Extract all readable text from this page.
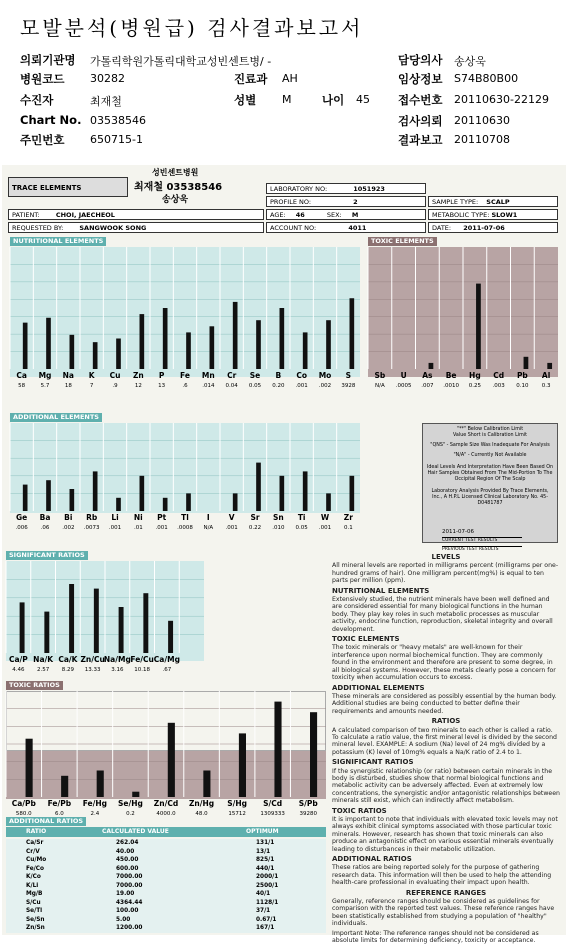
모발분석(병원급) 검사결과보고서
의뢰기관명 가톨릭학원가톨릭대학교성빈센트병/ -	담당의사 송상욱
병원코드 30282	진료과 AH	임상정보 S74B80B00
수진자	최재철	성별 M	나이 45 접수번호 20110630-22129
Chart No. 03538546	검사의뢰 20110630
주민번호 650715-1	결과보고 20110708
TRACE ELEMENTS
성빈센트병원
최재철 03538546
송상욱
LABORATORY NO:	1051923
PROFILE NO:	2	SAMPLE TYPE: SCALP
PATIENT: CHOI, JAECHEOL	AGE: 46	SEX: M	METABOLIC TYPE: SLOW1
REQUESTED BY: SANGWOOK SONG	ACCOUNT NO:	4011	DATE: 2011-07-06
NUTRITIONAL ELEMENTS	TOXIC ELEMENTS
Ca
58
Mg
5.7
Na
18
K
7
Cu
.9
Zn
12
P
13
Fe
.6
Mn
.014
Cr
0.04
Se
0.05
B
0.20
Co
.001
Mo
.002
S
3928
Sb
N/A
U
.0005
As
.007
Be
.0010
Hg
0.25
Cd
.003
Pb
0.10
Al
0.3
ADDITIONAL ELEMENTS
Ge
.006
Ba
.06
Bi
.002
Rb
.0073
Li
.001
Ni
.01
Pt
.001
Tl
.0008
I
N/A
V
.001
Sr
0.22
Sn
.010
Ti
0.05
W
.001
Zr
0.1
"**" Below Calibration Limit
Value Short is Calibration Limit
"QNS" - Sample Size Was Inadequate For Analysis
"N/A" - Currently Not Available
Ideal Levels And Interpretation Have Been Based On Hair Samples Obtained From The Mid-Portion To The Occipital Region Of The Scalp
Laboratory Analysis Provided By Trace Elements, Inc., A H.P.L Licensed Clinical Laboratory No. 45-D0481787
2011-07-06
CURRENT TEST RESULTS
PREVIOUS TEST RESULTS
SIGNIFICANT RATIOS
Ca/P
4.46
Na/K
2.57
Ca/K
8.29
Zn/Cu
13.33
Na/Mg
3.16
Fe/Cu
10.18
Ca/Mg
.67
TOXIC RATIOS
Ca/Pb
580.0
Fe/Pb
6.0
Fe/Hg
2.4
Se/Hg
0.2
Zn/Cd
4000.0
Zn/Hg
48.0
S/Hg
15712
S/Cd
1309333
S/Pb
39280
ADDITIONAL RATIOS
RATIO	CALCULATED VALUE	OPTIMUM
Ca/Sr	262.04	131/1
Cr/V	40.00	13/1
Cu/Mo	450.00	825/1
Fe/Co	600.00	440/1
K/Co	7000.00	2000/1
K/Li	7000.00	2500/1
Mg/B	19.00	40/1
S/Cu	4364.44	1128/1
Se/Tl	100.00	37/1
Se/Sn	5.00	0.67/1
Zn/Sn	1200.00	167/1
LEVELS
All mineral levels are reported in milligrams percent (milligrams per one-hundred grams of hair). One milligram percent(mg%) is equal to ten parts per million (ppm).
NUTRITIONAL ELEMENTS
Extensively studied, the nutrient minerals have been well defined and are considered essential for many biological functions in the human body. They play key roles in such metabolic processes as muscular activity, endocrine function, reproduction, skeletal integrity and overall development.
TOXIC ELEMENTS
The toxic minerals or "heavy metals" are well-known for their interference upon normal biochemical function. They are commonly found in the environment and therefore are present to some degree, in all biological systems. However, these metals clearly pose a concern for toxicity when accumulation occurs to excess.
ADDITIONAL ELEMENTS
These minerals are considered as possibly essential by the human body. Additional studies are being conducted to better define their requirements and amounts needed.
RATIOS
A calculated comparison of two minerals to each other is called a ratio. To calculate a ratio value, the first mineral level is divided by the second mineral level. EXAMPLE: A sodium (Na) level of 24 mg% divided by a potassium (K) level of 10mg% equals a Na/K ratio of 2.4 to 1.
SIGNIFICANT RATIOS
If the synergistic relationship (or ratio) between certain minerals in the body is disturbed, studies show that normal biological functions and metabolic activity can be adversely affected. Even at extremely low concentrations, the synergistic and/or antagonistic relationships between minerals still exist, which can indirectly affect metabolism.
TOXIC RATIOS
It is important to note that individuals with elevated toxic levels may not always exhibit clinical symptoms associated with those particular toxic minerals. However, research has shown that toxic minerals can also produce an antagonistic effect on various essential minerals eventually leading to disturbances in their metabolic utilization.
ADDITIONAL RATIOS
These ratios are being reported solely for the purpose of gathering research data. This information will then be used to help the attending health-care professional in evaluating their impact upon health.
REFERENCE RANGES
Generally, reference ranges should be considered as guidelines for comparison with the reported test values. These reference ranges have been statistically established from studying a population of "healthy" individuals.
Important Note: The reference ranges should not be considered as absolute limits for determining deficiency, toxicity or acceptance.
